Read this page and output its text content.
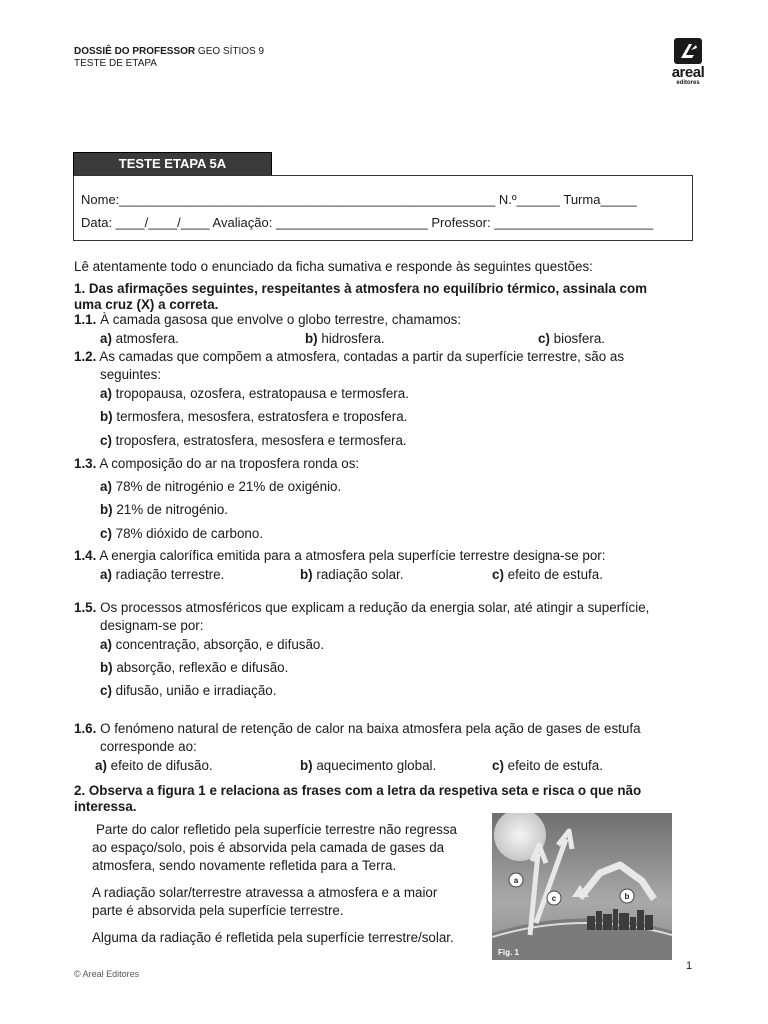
DOSSIÊ DO PROFESSOR GEO SÍTIOS 9
TESTE DE ETAPA
areal
editores
TESTE ETAPA 5A
Nome:____________________________________________________ N.º______ Turma_____
Data: ____/____/____ Avaliação: _____________________ Professor: ______________________
Lê atentamente todo o enunciado da ficha sumativa e responde às seguintes questões:
1. Das afirmações seguintes, respeitantes à atmosfera no equilíbrio térmico, assinala com
uma cruz (X) a correta.
1.1. À camada gasosa que envolve o globo terrestre, chamamos:
a) atmosfera.	b) hidrosfera.	c) biosfera.
1.2. As camadas que compõem a atmosfera, contadas a partir da superfície terrestre, são as
seguintes:
a) tropopausa, ozosfera, estratopausa e termosfera.
b) termosfera, mesosfera, estratosfera e troposfera.
c) troposfera, estratosfera, mesosfera e termosfera.
1.3. A composição do ar na troposfera ronda os:
a) 78% de nitrogénio e 21% de oxigénio.
b) 21% de nitrogénio.
c) 78% dióxido de carbono.
1.4. A energia calorífica emitida para a atmosfera pela superfície terrestre designa-se por:
a) radiação terrestre.	b) radiação solar.	c) efeito de estufa.
1.5. Os processos atmosféricos que explicam a redução da energia solar, até atingir a superfície,
designam-se por:
a) concentração, absorção, e difusão.
b) absorção, reflexão e difusão.
c) difusão, união e irradiação.
1.6. O fenómeno natural de retenção de calor na baixa atmosfera pela ação de gases de estufa
corresponde ao:
a) efeito de difusão.	b) aquecimento global.	c) efeito de estufa.
2. Observa a figura 1 e relaciona as frases com a letra da respetiva seta e risca o que não
interessa.
Parte do calor refletido pela superfície terrestre não regressa
ao espaço/solo, pois é absorvida pela camada de gases da
atmosfera, sendo novamente refletida para a Terra.
A radiação solar/terrestre atravessa a atmosfera e a maior
parte é absorvida pela superfície terrestre.
Alguma da radiação é refletida pela superfície terrestre/solar.
a
c	b
Fig. 1
© Areal Editores
1
